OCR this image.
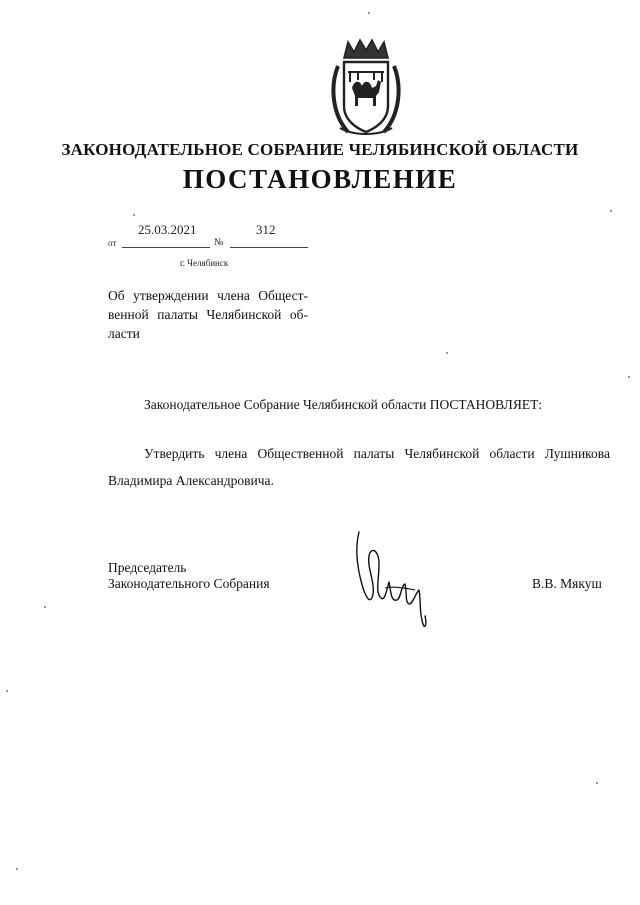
ЗАКОНОДАТЕЛЬНОЕ СОБРАНИЕ ЧЕЛЯБИНСКОЙ ОБЛАСТИ
ПОСТАНОВЛЕНИЕ
25.03.2021	312
от	№
г. Челябинск
Об утверждении члена Общест-
венной палаты Челябинской об-
ласти
Законодательное Собрание Челябинской области ПОСТАНОВЛЯЕТ:
Утвердить члена Общественной палаты Челябинской области Лушникова
Владимира Александровича.
Председатель
Законодательного Собрания	В.В. Мякуш
